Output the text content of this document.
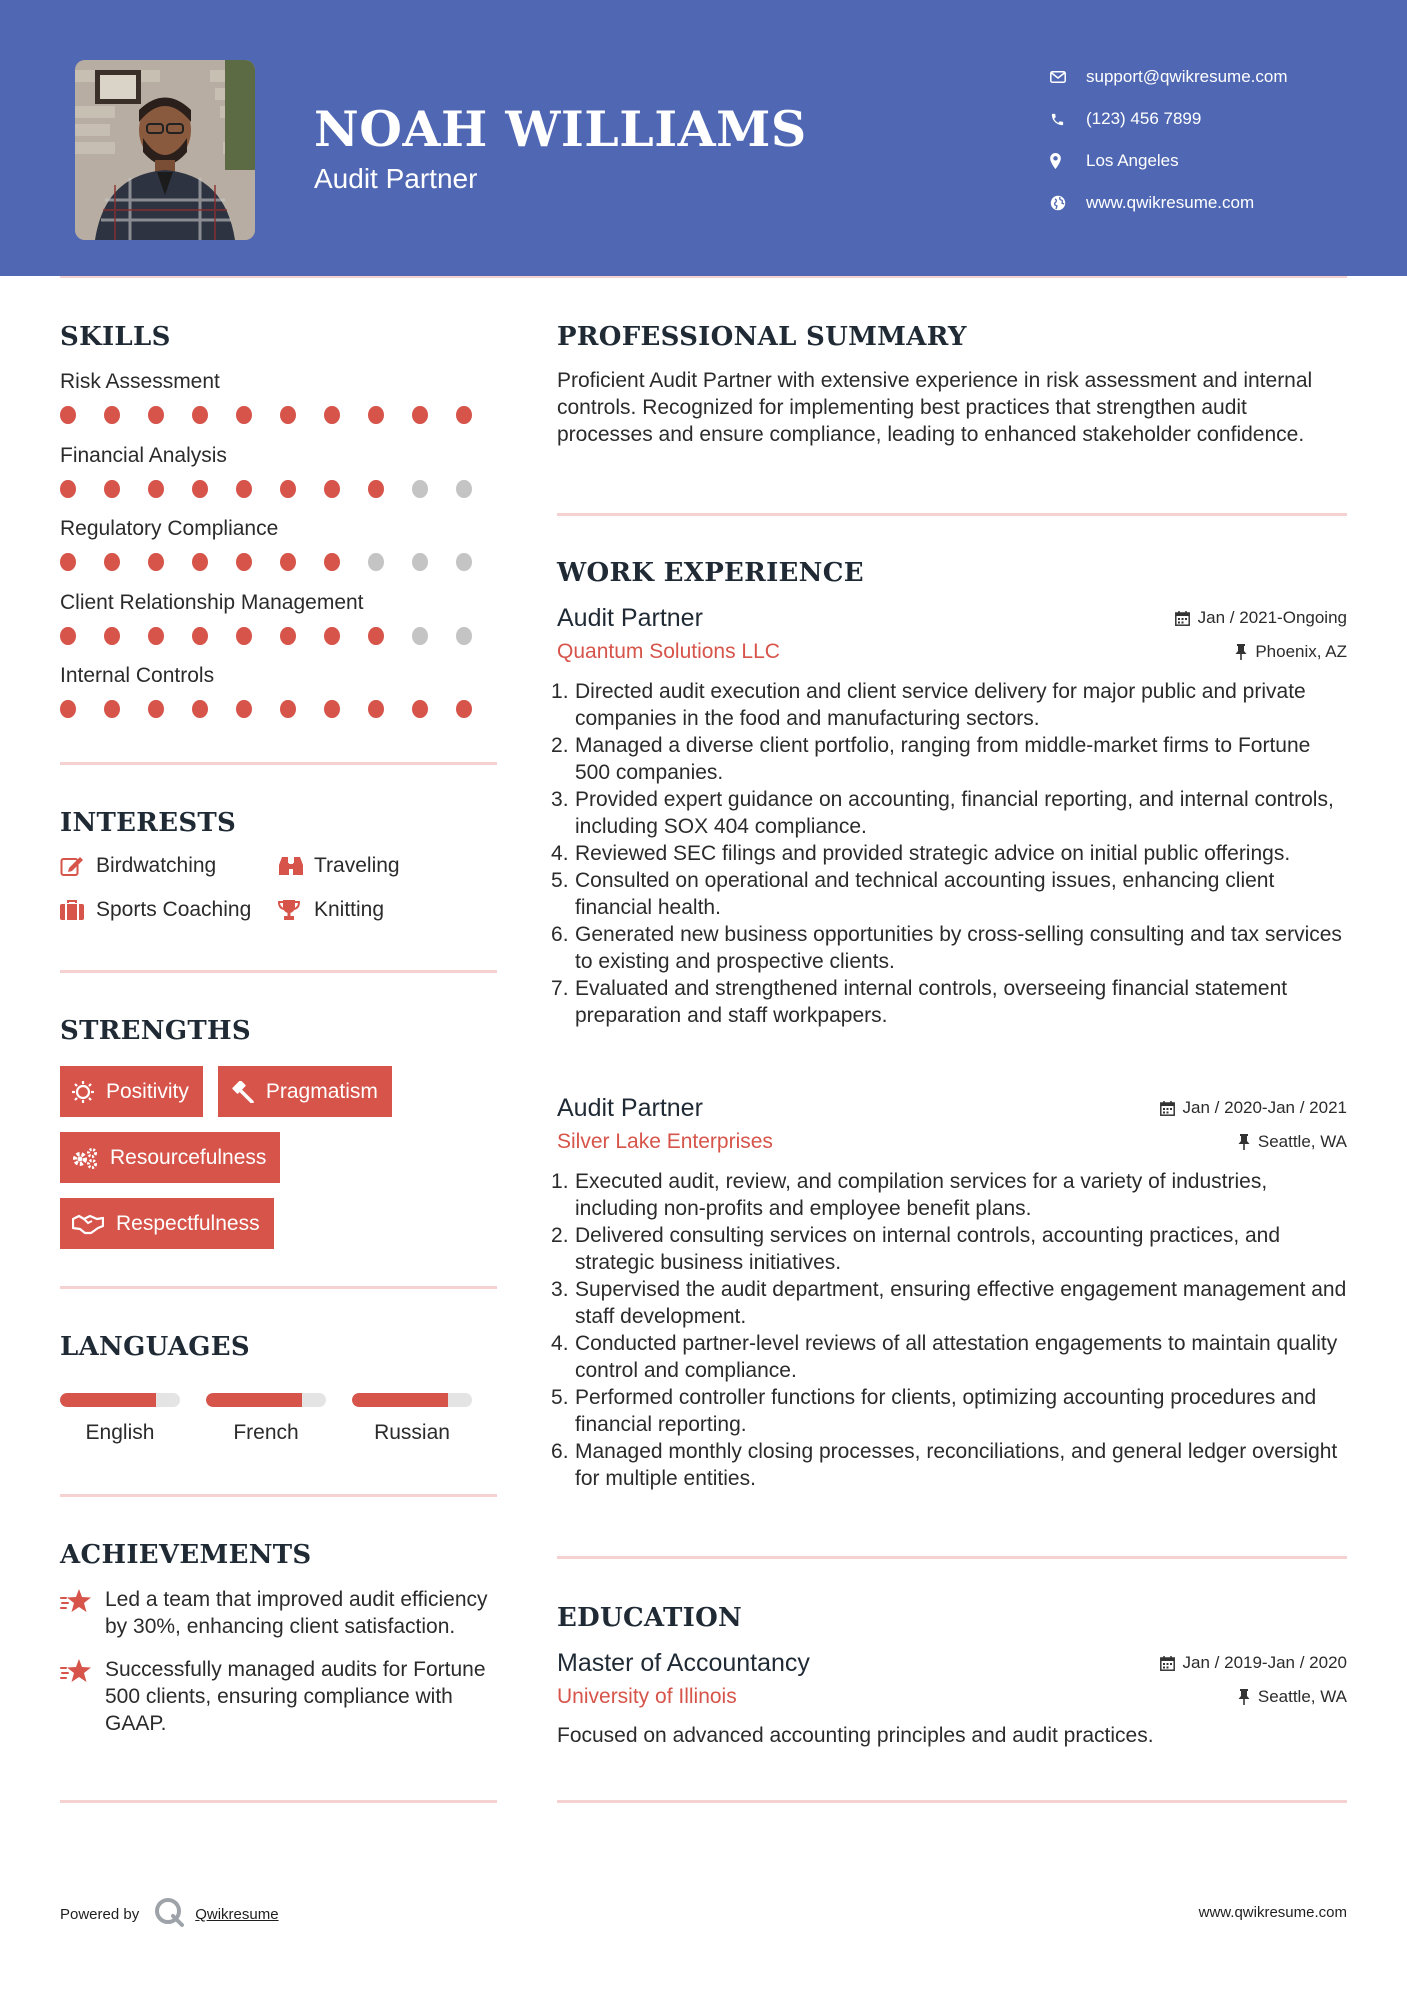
NOAH WILLIAMS
Audit Partner
support@qwikresume.com
(123) 456 7899
Los Angeles
www.qwikresume.com
SKILLS
Risk Assessment
Financial Analysis
Regulatory Compliance
Client Relationship Management
Internal Controls
INTERESTS
Birdwatching	Traveling
Sports Coaching	Knitting
STRENGTHS
Positivity	Pragmatism
Resourcefulness
Respectfulness
LANGUAGES
English	French	Russian
ACHIEVEMENTS
Led a team that improved audit efficiency by 30%, enhancing client satisfaction.
Successfully managed audits for Fortune 500 clients, ensuring compliance with GAAP.
PROFESSIONAL SUMMARY
Proficient Audit Partner with extensive experience in risk assessment and internal controls. Recognized for implementing best practices that strengthen audit processes and ensure compliance, leading to enhanced stakeholder confidence.
WORK EXPERIENCE
Audit Partner	Jan / 2021-Ongoing
Quantum Solutions LLC	Phoenix, AZ
Directed audit execution and client service delivery for major public and private companies in the food and manufacturing sectors.
Managed a diverse client portfolio, ranging from middle-market firms to Fortune 500 companies.
Provided expert guidance on accounting, financial reporting, and internal controls, including SOX 404 compliance.
Reviewed SEC filings and provided strategic advice on initial public offerings.
Consulted on operational and technical accounting issues, enhancing client financial health.
Generated new business opportunities by cross-selling consulting and tax services to existing and prospective clients.
Evaluated and strengthened internal controls, overseeing financial statement preparation and staff workpapers.
Audit Partner	Jan / 2020-Jan / 2021
Silver Lake Enterprises	Seattle, WA
Executed audit, review, and compilation services for a variety of industries, including non-profits and employee benefit plans.
Delivered consulting services on internal controls, accounting practices, and strategic business initiatives.
Supervised the audit department, ensuring effective engagement management and staff development.
Conducted partner-level reviews of all attestation engagements to maintain quality control and compliance.
Performed controller functions for clients, optimizing accounting procedures and financial reporting.
Managed monthly closing processes, reconciliations, and general ledger oversight for multiple entities.
EDUCATION
Master of Accountancy	Jan / 2019-Jan / 2020
University of Illinois	Seattle, WA
Focused on advanced accounting principles and audit practices.
Powered by	Qwikresume	www.qwikresume.com
